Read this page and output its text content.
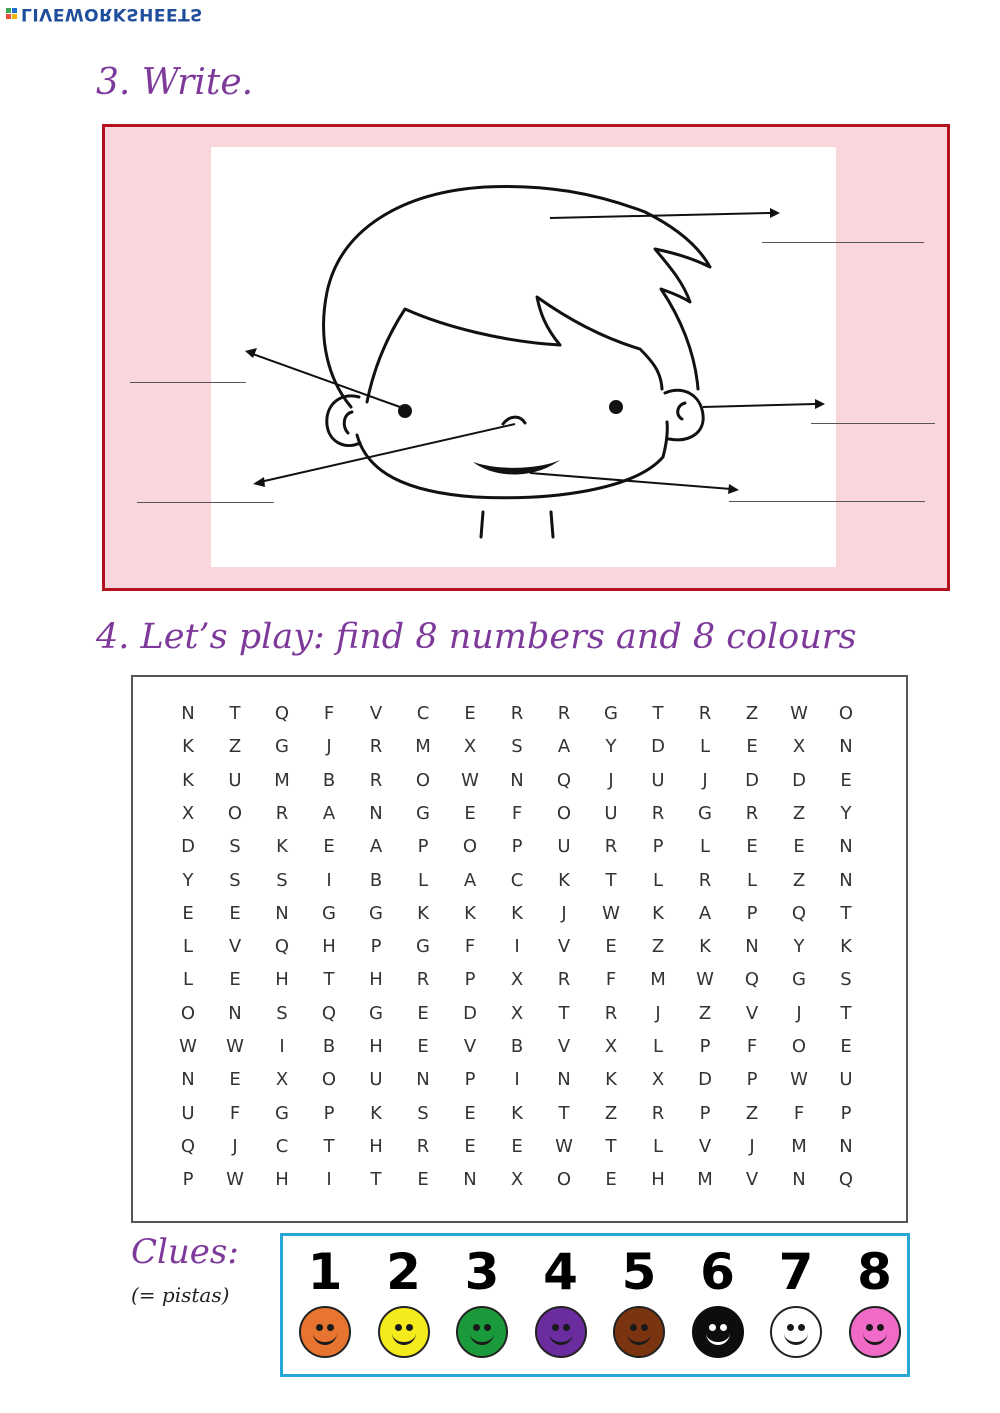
LIVEWORKSHEETS
3. Write.
4. Let’s play: find 8 numbers and 8 colours
N	T	Q	F	V	C	E	R	R	G	T	R	Z	W	O
K	Z	G	J	R	M	X	S	A	Y	D	L	E	X	N
K	U	M	B	R	O	W	N	Q	J	U	J	D	D	E
X	O	R	A	N	G	E	F	O	U	R	G	R	Z	Y
D	S	K	E	A	P	O	P	U	R	P	L	E	E	N
Y	S	S	I	B	L	A	C	K	T	L	R	L	Z	N
E	E	N	G	G	K	K	K	J	W	K	A	P	Q	T
L	V	Q	H	P	G	F	I	V	E	Z	K	N	Y	K
L	E	H	T	H	R	P	X	R	F	M	W	Q	G	S
O	N	S	Q	G	E	D	X	T	R	J	Z	V	J	T
W	W	I	B	H	E	V	B	V	X	L	P	F	O	E
N	E	X	O	U	N	P	I	N	K	X	D	P	W	U
U	F	G	P	K	S	E	K	T	Z	R	P	Z	F	P
Q	J	C	T	H	R	E	E	W	T	L	V	J	M	N
P	W	H	I	T	E	N	X	O	E	H	M	V	N	Q
Clues:
(= pistas)	1 2 3 4 5 6 7 8
